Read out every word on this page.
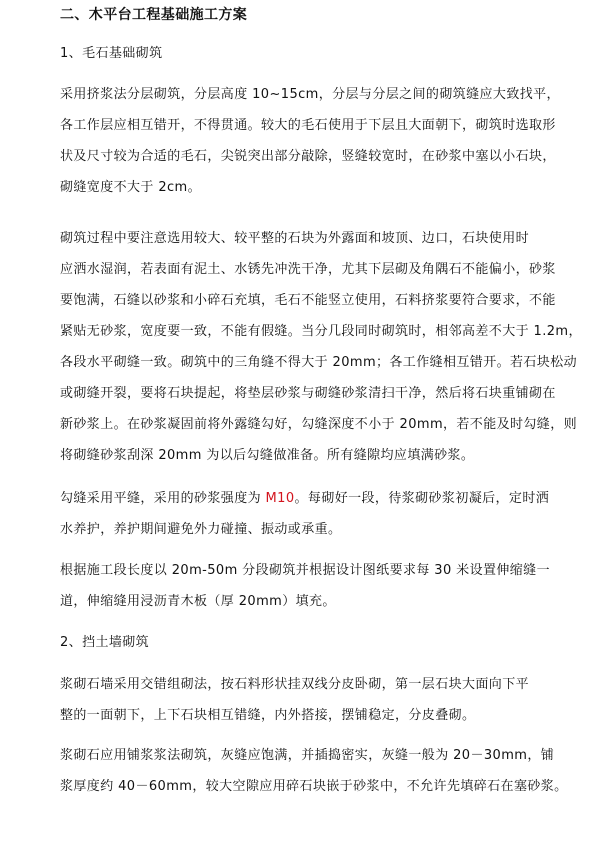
二、木平台工程基础施工方案
1、毛石基础砌筑
采用挤浆法分层砌筑，分层高度 10~15cm，分层与分层之间的砌筑缝应大致找平，
各工作层应相互错开，不得贯通。较大的毛石使用于下层且大面朝下，砌筑时选取形
状及尺寸较为合适的毛石，尖锐突出部分敲除，竖缝较宽时，在砂浆中塞以小石块，
砌缝宽度不大于 2cm。
砌筑过程中要注意选用较大、较平整的石块为外露面和坡顶、边口，石块使用时
应洒水湿润，若表面有泥土、水锈先冲洗干净，尤其下层砌及角隅石不能偏小，砂浆
要饱满，石缝以砂浆和小碎石充填，毛石不能竖立使用，石料挤浆要符合要求，不能
紧贴无砂浆，宽度要一致，不能有假缝。当分几段同时砌筑时，相邻高差不大于 1.2m，
各段水平砌缝一致。砌筑中的三角缝不得大于 20mm；各工作缝相互错开。若石块松动
或砌缝开裂，要将石块提起，将垫层砂浆与砌缝砂浆清扫干净，然后将石块重铺砌在
新砂浆上。在砂浆凝固前将外露缝勾好，勾缝深度不小于 20mm，若不能及时勾缝，则
将砌缝砂浆刮深 20mm 为以后勾缝做准备。所有缝隙均应填满砂浆。
勾缝采用平缝，采用的砂浆强度为 M10。每砌好一段，待浆砌砂浆初凝后，定时洒
水养护，养护期间避免外力碰撞、振动或承重。
根据施工段长度以 20m-50m 分段砌筑并根据设计图纸要求每 30 米设置伸缩缝一
道，伸缩缝用浸沥青木板（厚 20mm）填充。
2、挡土墙砌筑
浆砌石墙采用交错组砌法，按石料形状挂双线分皮卧砌，第一层石块大面向下平
整的一面朝下，上下石块相互错缝，内外搭接，摆铺稳定，分皮叠砌。
浆砌石应用铺浆浆法砌筑，灰缝应饱满，并插捣密实，灰缝一般为 20－30mm，铺
浆厚度约 40－60mm，较大空隙应用碎石块嵌于砂浆中，不允许先填碎石在塞砂浆。
